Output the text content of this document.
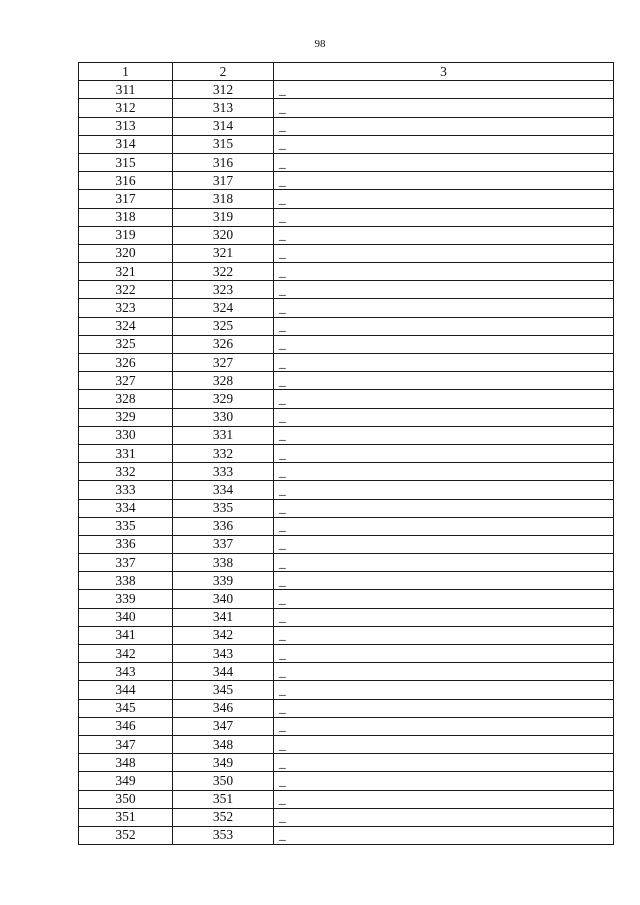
98
1	2	3
311	312	_
312	313	_
313	314	_
314	315	_
315	316	_
316	317	_
317	318	_
318	319	_
319	320	_
320	321	_
321	322	_
322	323	_
323	324	_
324	325	_
325	326	_
326	327	_
327	328	_
328	329	_
329	330	_
330	331	_
331	332	_
332	333	_
333	334	_
334	335	_
335	336	_
336	337	_
337	338	_
338	339	_
339	340	_
340	341	_
341	342	_
342	343	_
343	344	_
344	345	_
345	346	_
346	347	_
347	348	_
348	349	_
349	350	_
350	351	_
351	352	_
352	353	_
